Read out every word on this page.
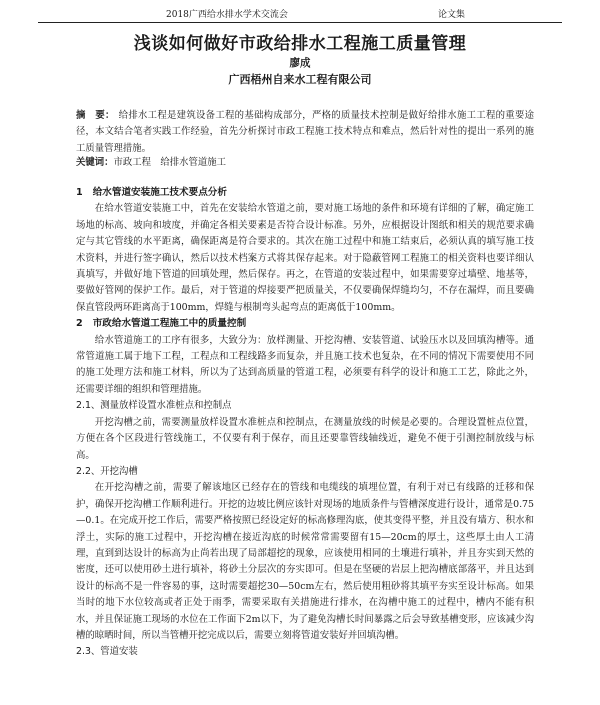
2018广西给水排水学术交流会	论文集
浅谈如何做好市政给排水工程施工质量管理
廖成
广西梧州自来水工程有限公司
摘　要： 给排水工程是建筑设备工程的基础构成部分，严格的质量技术控制是做好给排水施工工程的重要途径，本文结合笔者实践工作经验，首先分析探讨市政工程施工技术特点和难点，然后针对性的提出一系列的施工质量管理措施。
关键词：市政工程　给排水管道施工
1 给水管道安装施工技术要点分析

在给水管道安装施工中，首先在安装给水管道之前，要对施工场地的条件和环境有详细的了解，确定施工场地的标高、坡向和坡度，并确定各相关要素是否符合设计标准。另外，应根据设计图纸和相关的规范要求确定与其它管线的水平距离，确保距离是符合要求的。其次在施工过程中和施工结束后，必须认真的填写施工技术资料，并进行签字确认，然后以技术档案方式将其保存起来。对于隐蔽管网工程施工的相关资料也要详细认真填写，并做好地下管道的回填处理，然后保存。再之，在管道的安装过程中，如果需要穿过墙壁、地基等，要做好管网的保护工作。最后，对于管道的焊接要严把质量关，不仅要确保焊缝均匀，不存在漏焊，而且要确保直管段两环距离高于100mm，焊缝与根制弯头起弯点的距离低于100mm。

2 市政给水管道工程施工中的质量控制

给水管道施工的工序有很多，大致分为：放样测量、开挖沟槽、安装管道、试验压水以及回填沟槽等。通常管道施工属于地下工程，工程点和工程线路多而复杂，并且施工技术也复杂，在不同的情况下需要使用不同的施工处理方法和施工材料，所以为了达到高质量的管道工程，必须要有科学的设计和施工工艺，除此之外，还需要详细的组织和管理措施。

2.1、测量放样设置水准桩点和控制点

开挖沟槽之前，需要测量放样设置水准桩点和控制点，在测量放线的时候是必要的。合理设置桩点位置，方便在各个区段进行管线施工，不仅要有利于保存，而且还要靠管线轴线近，避免不便于引测控制放线与标高。

2.2、开挖沟槽

在开挖沟槽之前，需要了解该地区已经存在的管线和电缆线的填埋位置，有利于对已有线路的迁移和保护，确保开挖沟槽工作顺利进行。开挖的边坡比例应该针对现场的地质条件与管槽深度进行设计，通常是0.75—0.1。在完成开挖工作后，需要严格按照已经设定好的标高修理沟底，使其变得平整，并且没有墙方、积水和浮土，实际的施工过程中，开挖沟槽在接近沟底的时候常常需要留有15—20cm的厚土，这些厚土由人工清理，直到到达设计的标高为止尚若出现了局部超挖的现象，应该使用相同的土壤进行填补，并且夯实到天然的密度，还可以使用砂土进行填补，将砂土分层次的夯实即可。但是在坚硬的岩层上把沟槽底部落平，并且达到设计的标高不是一件容易的事，这时需要超挖30—50cm左右，然后使用粗砂将其填平夯实至设计标高。如果当时的地下水位较高或者正处于雨季，需要采取有关措施进行排水，在沟槽中施工的过程中，槽内不能有积水，并且保证施工现场的水位在工作面下2m以下，为了避免沟槽长时间暴露之后会导致基槽变形，应该减少沟槽的晾晒时间，所以当管槽开挖完成以后，需要立刻将管道安装好并回填沟槽。

2.3、管道安装
